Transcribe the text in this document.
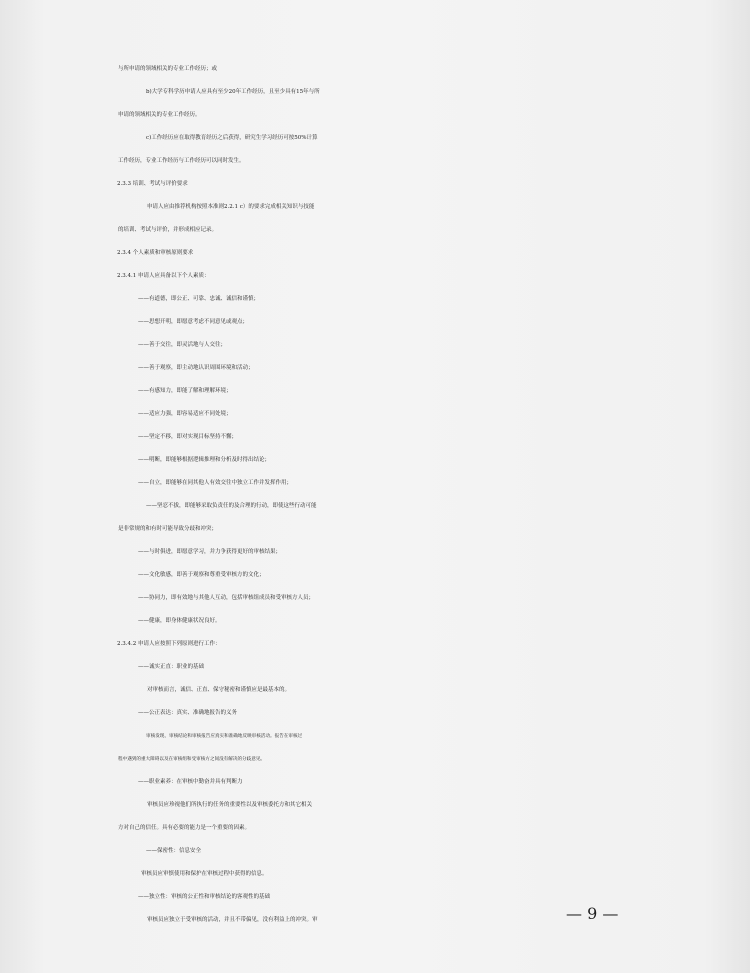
与所申请的领域相关的专业工作经历；或
b)大学专科学历申请人应具有至少20年工作经历，且至少具有15年与所
申请的领域相关的专业工作经历。
c)工作经历应在取得教育经历之后获得，研究生学习经历可按50%计算
工作经历，专业工作经历与工作经历可以同时发生。
2.3.3 培训、考试与评价要求
申请人应由推荐机构按照本准则2.2.1 c）的要求完成相关知识与技能
的培训、考试与评价，并形成相应记录。
2.3.4 个人素质和审核原则要求
2.3.4.1 申请人应具备以下个人素质：
——有道德，即公正、可靠、忠诚、诚信和谨慎；
——思想开明，即愿意考虑不同意见或观点；
——善于交往，即灵活地与人交往；
——善于观察，即主动地认识周围环境和活动；
——有感知力，即能了解和理解环境；
——适应力强，即容易适应不同处境；
——坚定不移，即对实现目标坚持不懈；
——明断，即能够根据逻辑推理和分析及时得出结论；
——自立，即能够在同其他人有效交往中独立工作并发挥作用；
——坚忍不拔，即能够采取负责任的及合理的行动，即使这些行动可能
是非常规的和有时可能导致分歧和冲突；
——与时俱进，即愿意学习，并力争获得更好的审核结果；
——文化敏感，即善于观察和尊重受审核方的文化；
——协同力，即有效地与其他人互动，包括审核组成员和受审核方人员；
——健康，即身体健康状况良好。
2.3.4.2 申请人应按照下列原则进行工作：
——诚实正直：职业的基础
对审核而言，诚信、正直、保守秘密和谨慎应是最基本的。
——公正表达：真实、准确地报告的义务
审核发现、审核结论和审核报告应真实和准确地反映审核活动。报告在审核过
程中遇到的重大障碍以及在审核组和受审核方之间没有解决的分歧意见。
——职业素养：在审核中勤奋并具有判断力
审核员应珍视他们所执行的任务的重要性以及审核委托方和其它相关
方对自己的信任。具有必要的能力是一个重要的因素。
——保密性：信息安全
审核员应审慎使用和保护在审核过程中获得的信息。
——独立性：审核的公正性和审核结论的客观性的基础
审核员应独立于受审核的活动，并且不带偏见，没有利益上的冲突。审	— 9 —
